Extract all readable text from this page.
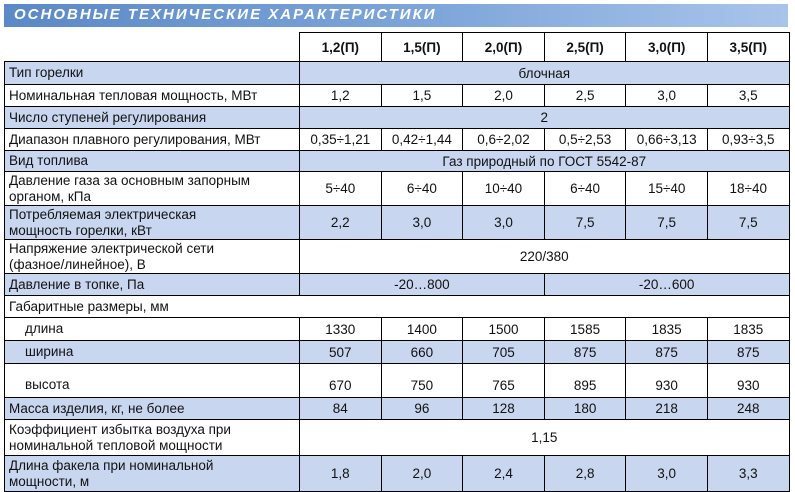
ОСНОВНЫЕ ТЕХНИЧЕСКИЕ ХАРАКТЕРИСТИКИ
	1,2(П)	1,5(П)	2,0(П)	2,5(П)	3,0(П)	3,5(П)
Тип горелки	блочная					
Номинальная тепловая мощность, МВт	1,2	1,5	2,0	2,5	3,0	3,5
Число ступеней регулирования	2					
Диапазон плавного регулирования, МВт	0,35÷1,21	0,42÷1,44	0,6÷2,02	0,5÷2,53	0,66÷3,13	0,93÷3,5
Вид топлива	Газ природный по ГОСТ 5542-87					

Давление газа за основным запорным
органом, кПа	5÷40	6÷40	10÷40	6÷40	15÷40	18÷40

Потребляемая электрическая
мощность горелки, кВт	2,2	3,0	3,0	7,5	7,5	7,5

Напряжение электрической сети
(фазное/линейное), В	220/380					
Давление в топке, Па	-20…800			-20…600		
Габаритные размеры, мм						
длина	1330	1400	1500	1585	1835	1835
ширина	507	660	705	875	875	875
высота	670	750	765	895	930	930
Масса изделия, кг, не более	84	96	128	180	218	248

Коэффициент избытка воздуха при
номинальной тепловой мощности	1,15					

Длина факела при номинальной
мощности, м	1,8	2,0	2,4	2,8	3,0	3,3
